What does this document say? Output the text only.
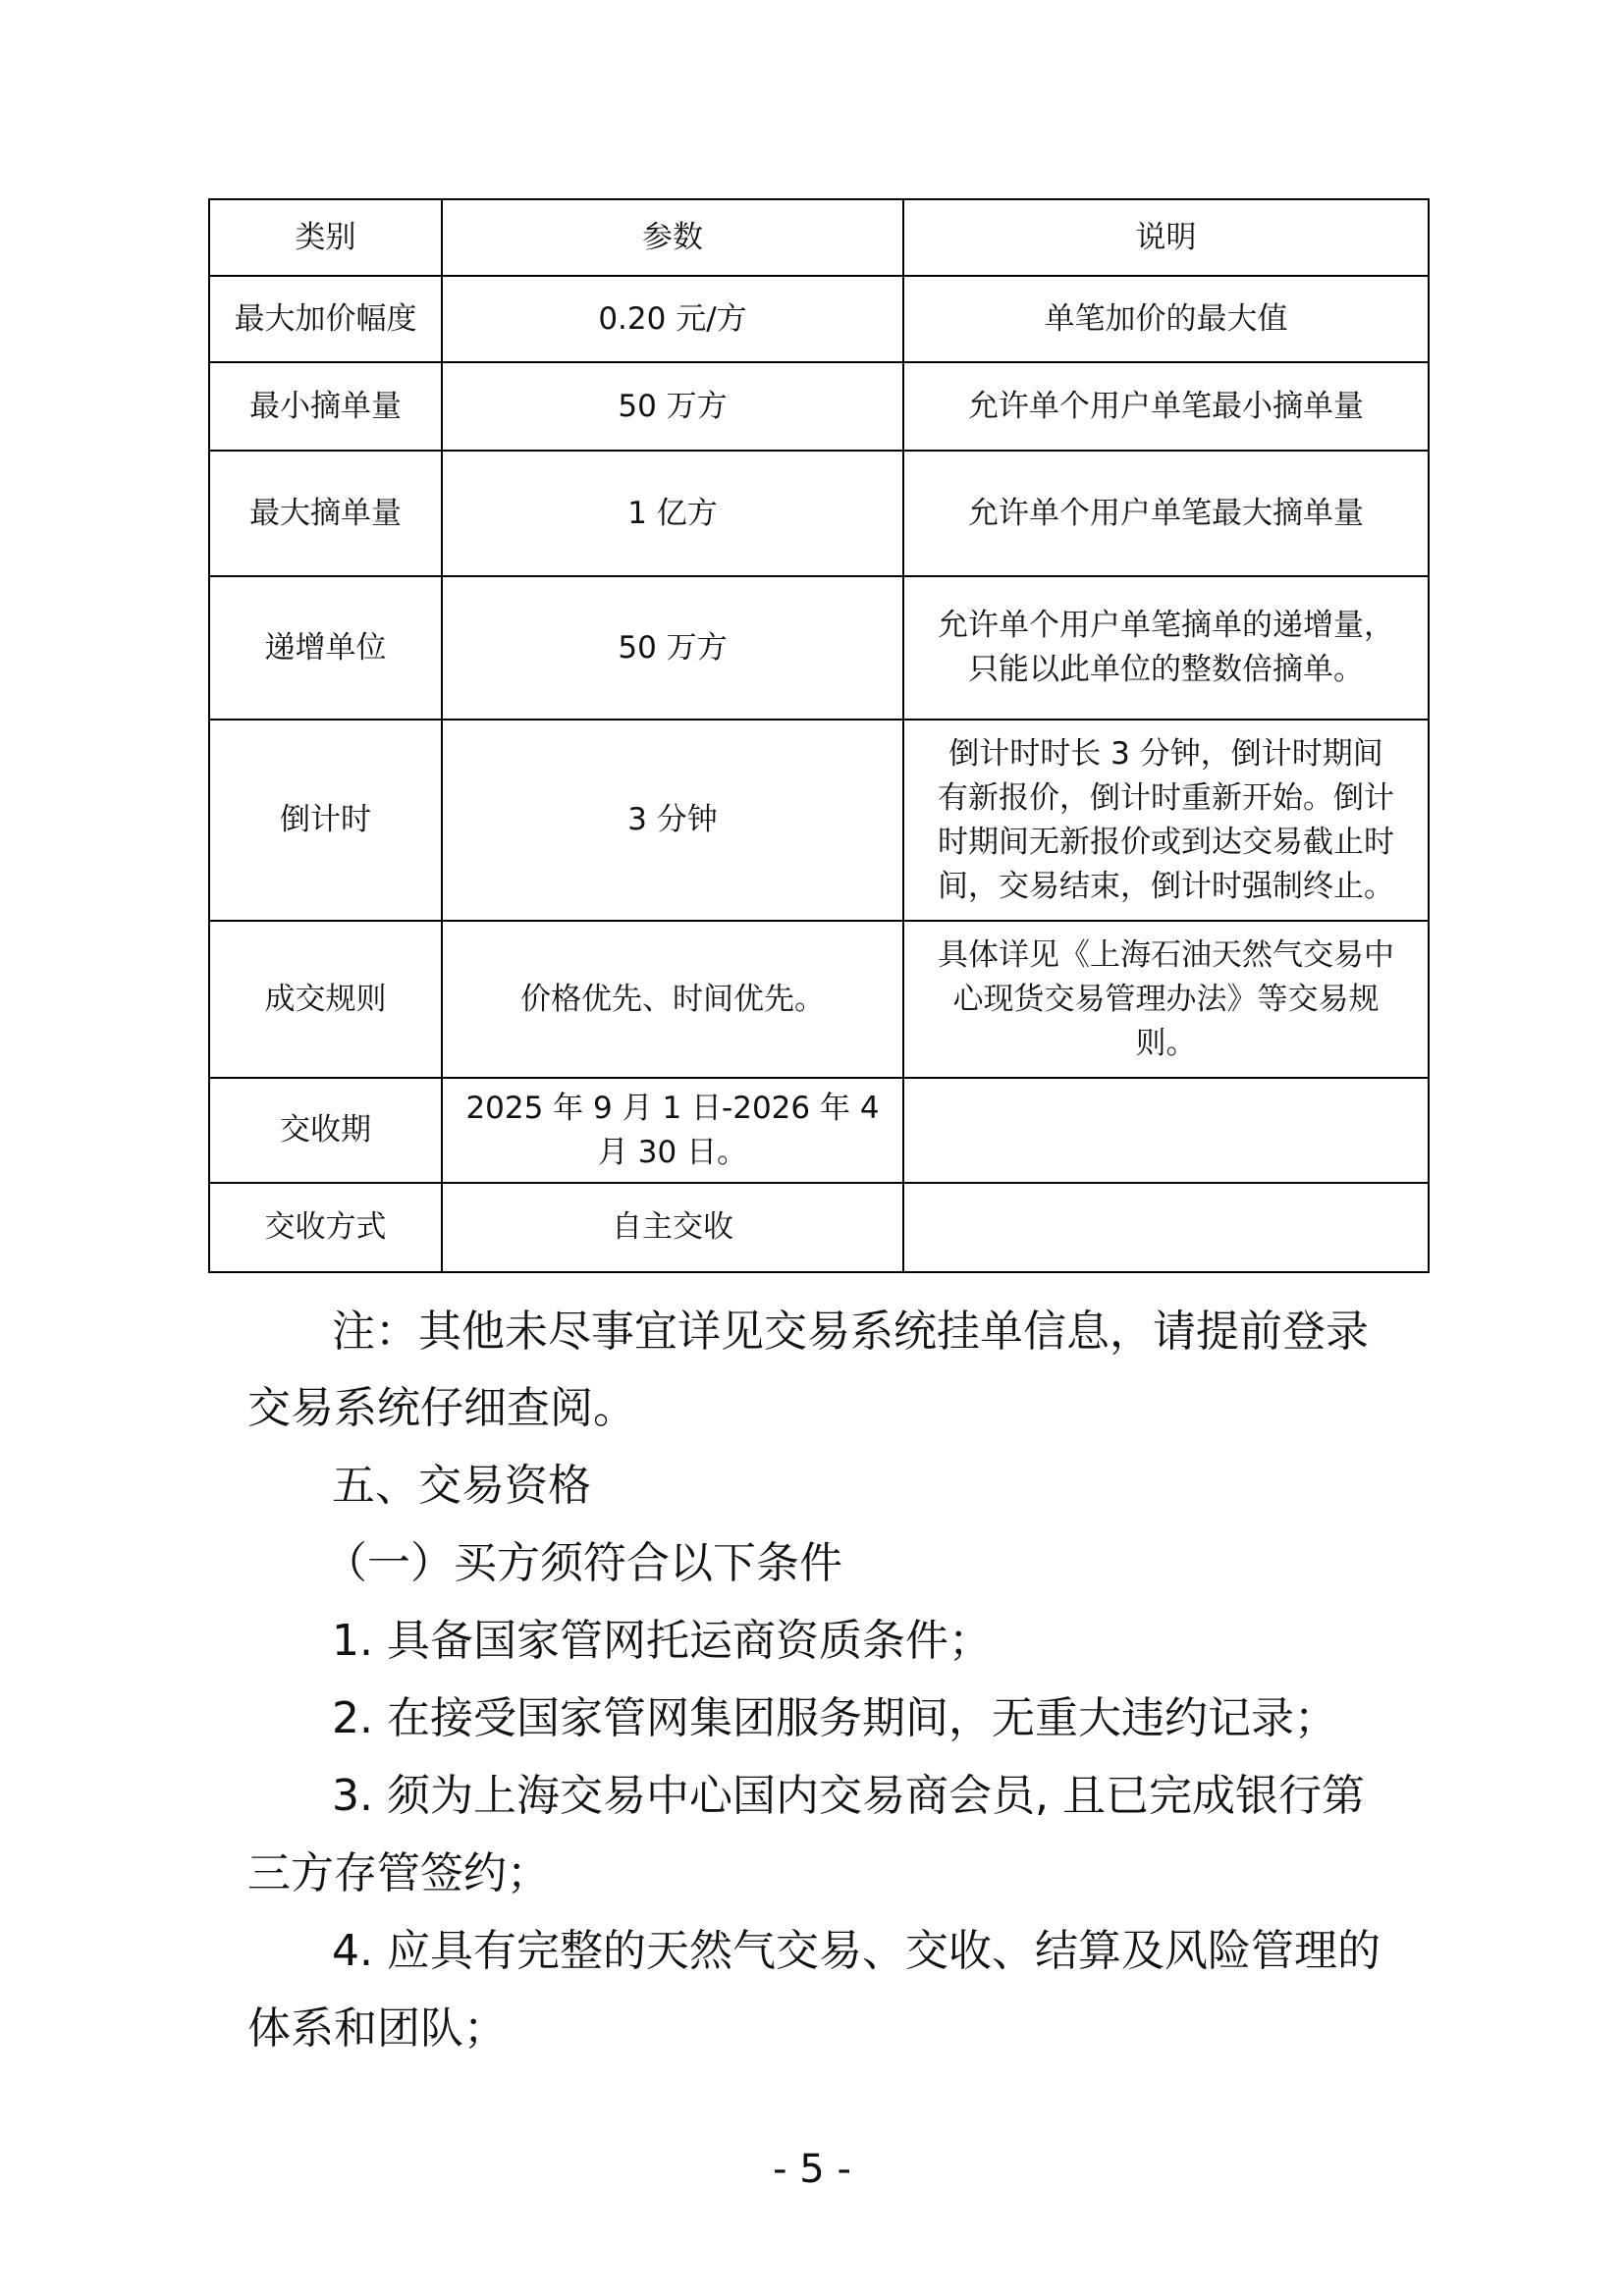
类别	参数	说明
最大加价幅度	0.20 元/方	单笔加价的最大值
最小摘单量	50 万方	允许单个用户单笔最小摘单量
最大摘单量	1 亿方	允许单个用户单笔最大摘单量
递增单位	50 万方	允许单个用户单笔摘单的递增量，
只能以此单位的整数倍摘单。
倒计时	3 分钟	倒计时时长 3 分钟，倒计时期间
有新报价，倒计时重新开始。倒计
时期间无新报价或到达交易截止时
间，交易结束，倒计时强制终止。
成交规则	价格优先、时间优先。	具体详见《上海石油天然气交易中
心现货交易管理办法》等交易规
则。
交收期	2025 年 9 月 1 日-2026 年 4
月 30 日。	
交收方式	自主交收	
注：其他未尽事宜详见交易系统挂单信息，请提前登录
交易系统仔细查阅。
五、交易资格
（一）买方须符合以下条件
1. 具备国家管网托运商资质条件；
2. 在接受国家管网集团服务期间，无重大违约记录；
3. 须为上海交易中心国内交易商会员, 且已完成银行第
三方存管签约；
4. 应具有完整的天然气交易、交收、结算及风险管理的
体系和团队；
- 5 -
